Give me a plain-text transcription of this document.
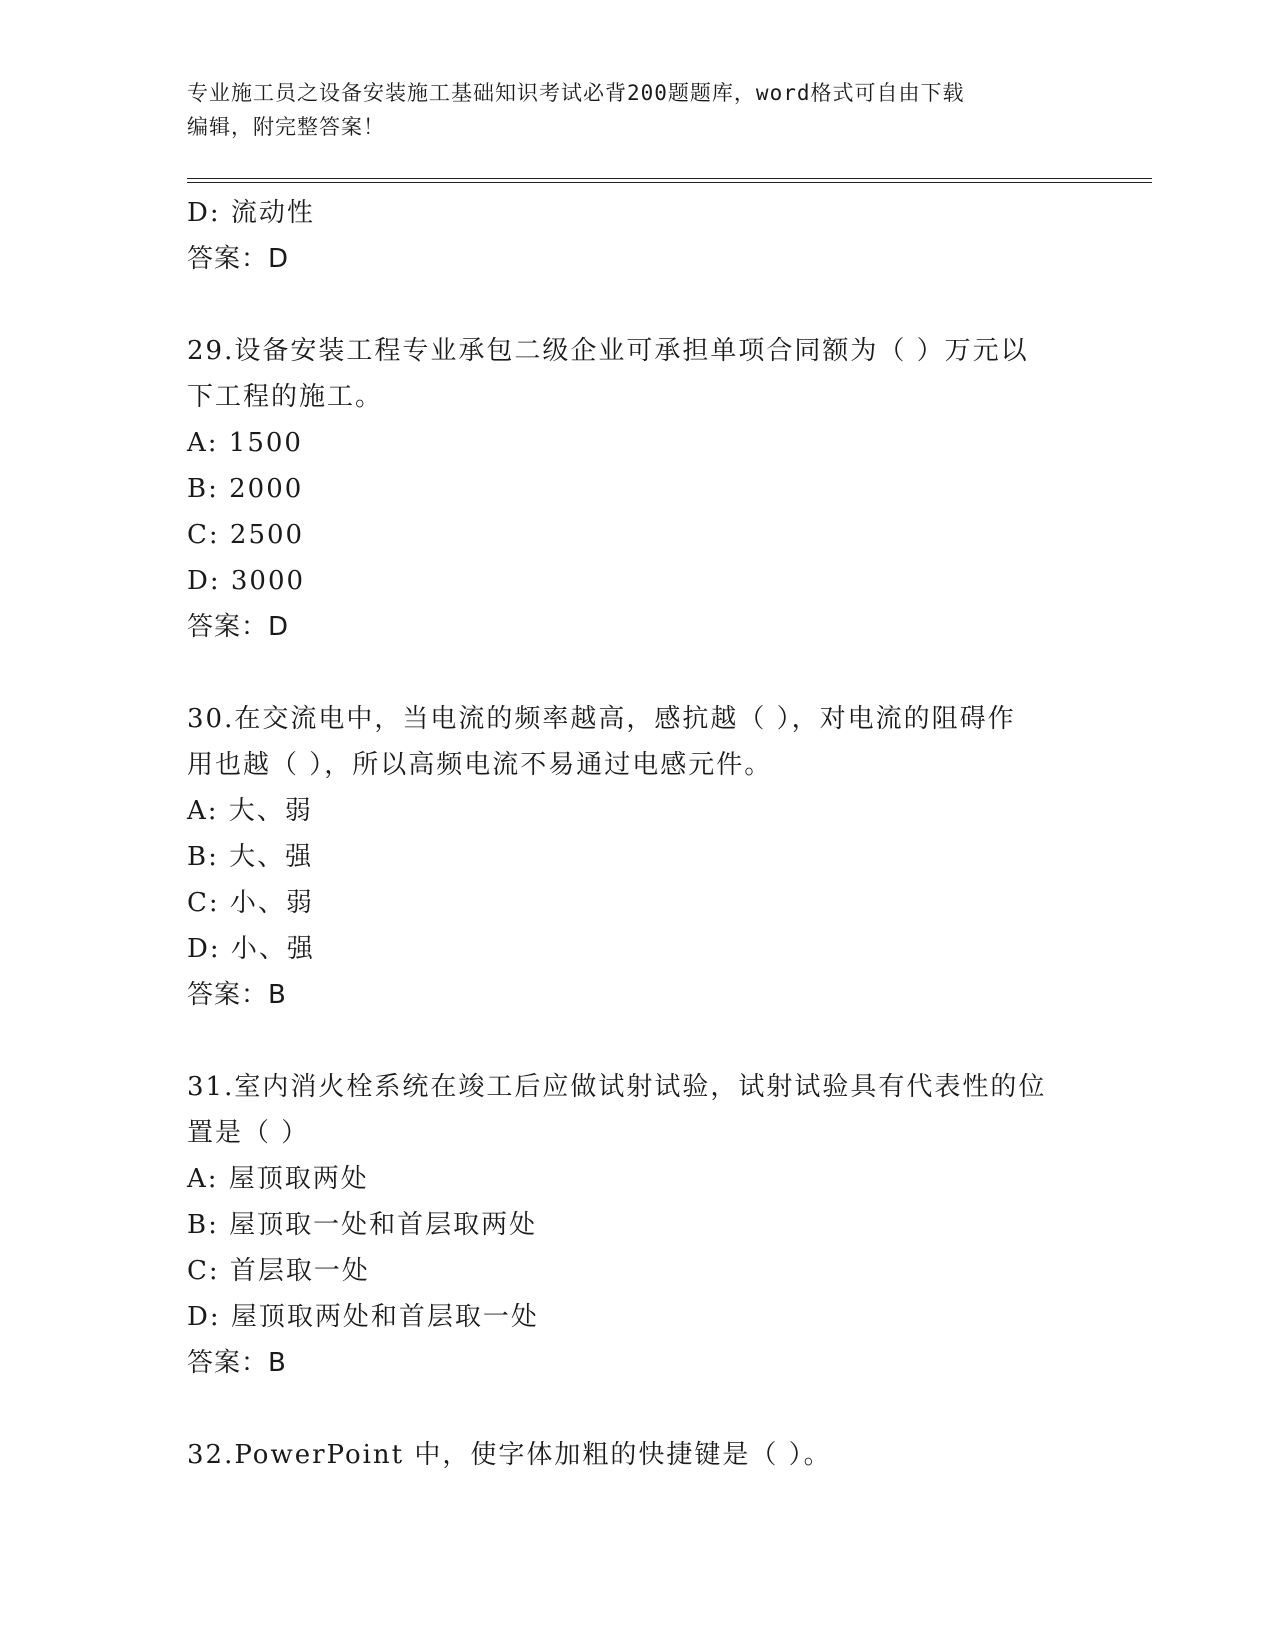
专业施工员之设备安装施工基础知识考试必背200题题库，word格式可自由下载
编辑，附完整答案！
D: 流动性
答案：D
29.设备安装工程专业承包二级企业可承担单项合同额为（ ）万元以
下工程的施工。
A: 1500
B: 2000
C: 2500
D: 3000
答案：D
30.在交流电中，当电流的频率越高，感抗越（ ），对电流的阻碍作
用也越（ ），所以高频电流不易通过电感元件。
A: 大、弱
B: 大、强
C: 小、弱
D: 小、强
答案：B
31.室内消火栓系统在竣工后应做试射试验，试射试验具有代表性的位
置是（ ）
A: 屋顶取两处
B: 屋顶取一处和首层取两处
C: 首层取一处
D: 屋顶取两处和首层取一处
答案：B
32.PowerPoint 中，使字体加粗的快捷键是（ ）。
